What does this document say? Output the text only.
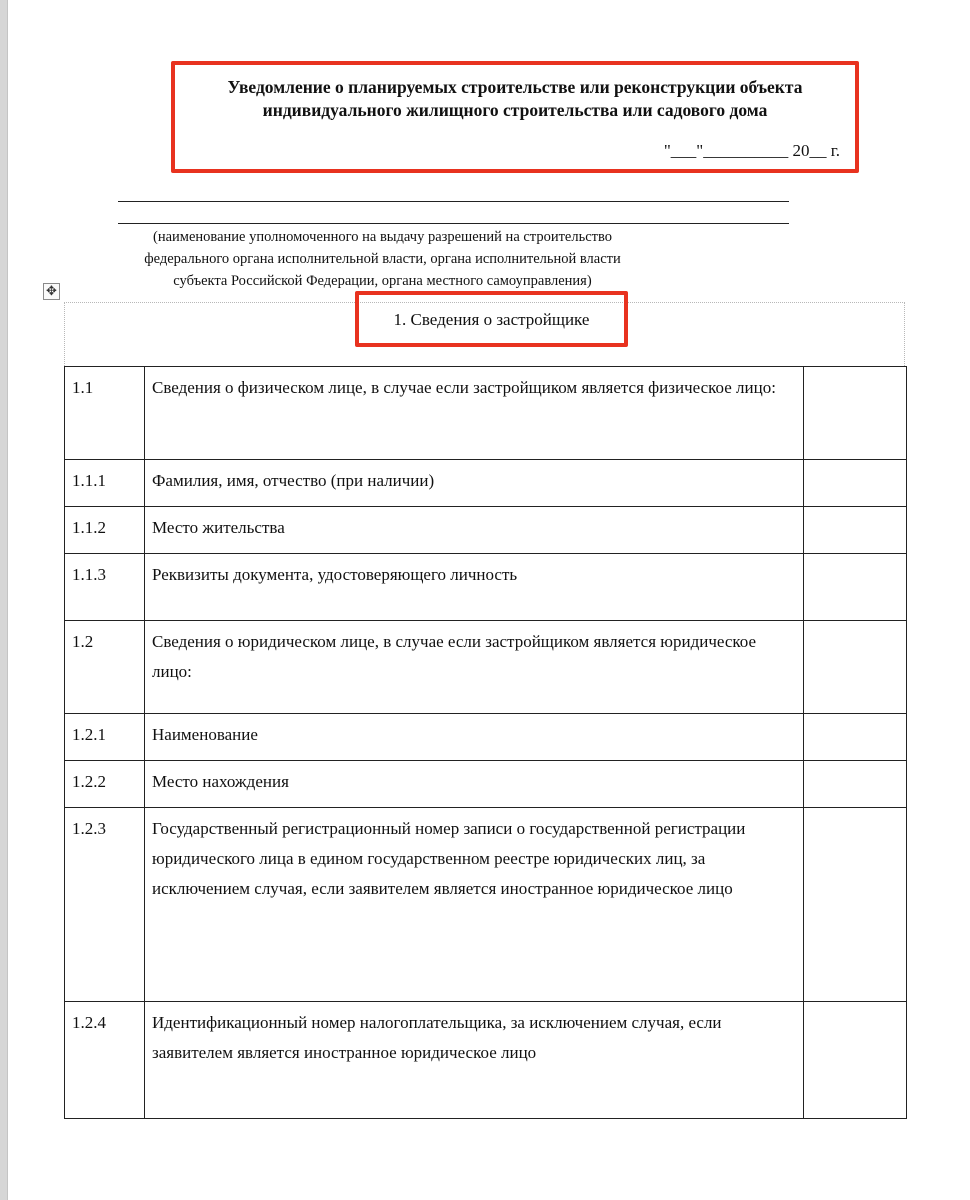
Уведомление о планируемых строительстве или реконструкции объекта
индивидуального жилищного строительства или садового дома
"___"__________ 20__ г.
(наименование уполномоченного на выдачу разрешений на строительство
федерального органа исполнительной власти, органа исполнительной власти
субъекта Российской Федерации, органа местного самоуправления)
✥
1. Сведения о застройщике
1.1	Сведения о физическом лице, в случае если застройщиком является физическое лицо:	
1.1.1	Фамилия, имя, отчество (при наличии)	
1.1.2	Место жительства	
1.1.3	Реквизиты документа, удостоверяющего личность	
1.2	Сведения о юридическом лице, в случае если застройщиком является юридическое лицо:	
1.2.1	Наименование	
1.2.2	Место нахождения	
1.2.3	Государственный регистрационный номер записи о государственной регистрации юридического лица в едином государственном реестре юридических лиц, за исключением случая, если заявителем является иностранное юридическое лицо	
1.2.4	Идентификационный номер налогоплательщика, за исключением случая, если заявителем является иностранное юридическое лицо	
